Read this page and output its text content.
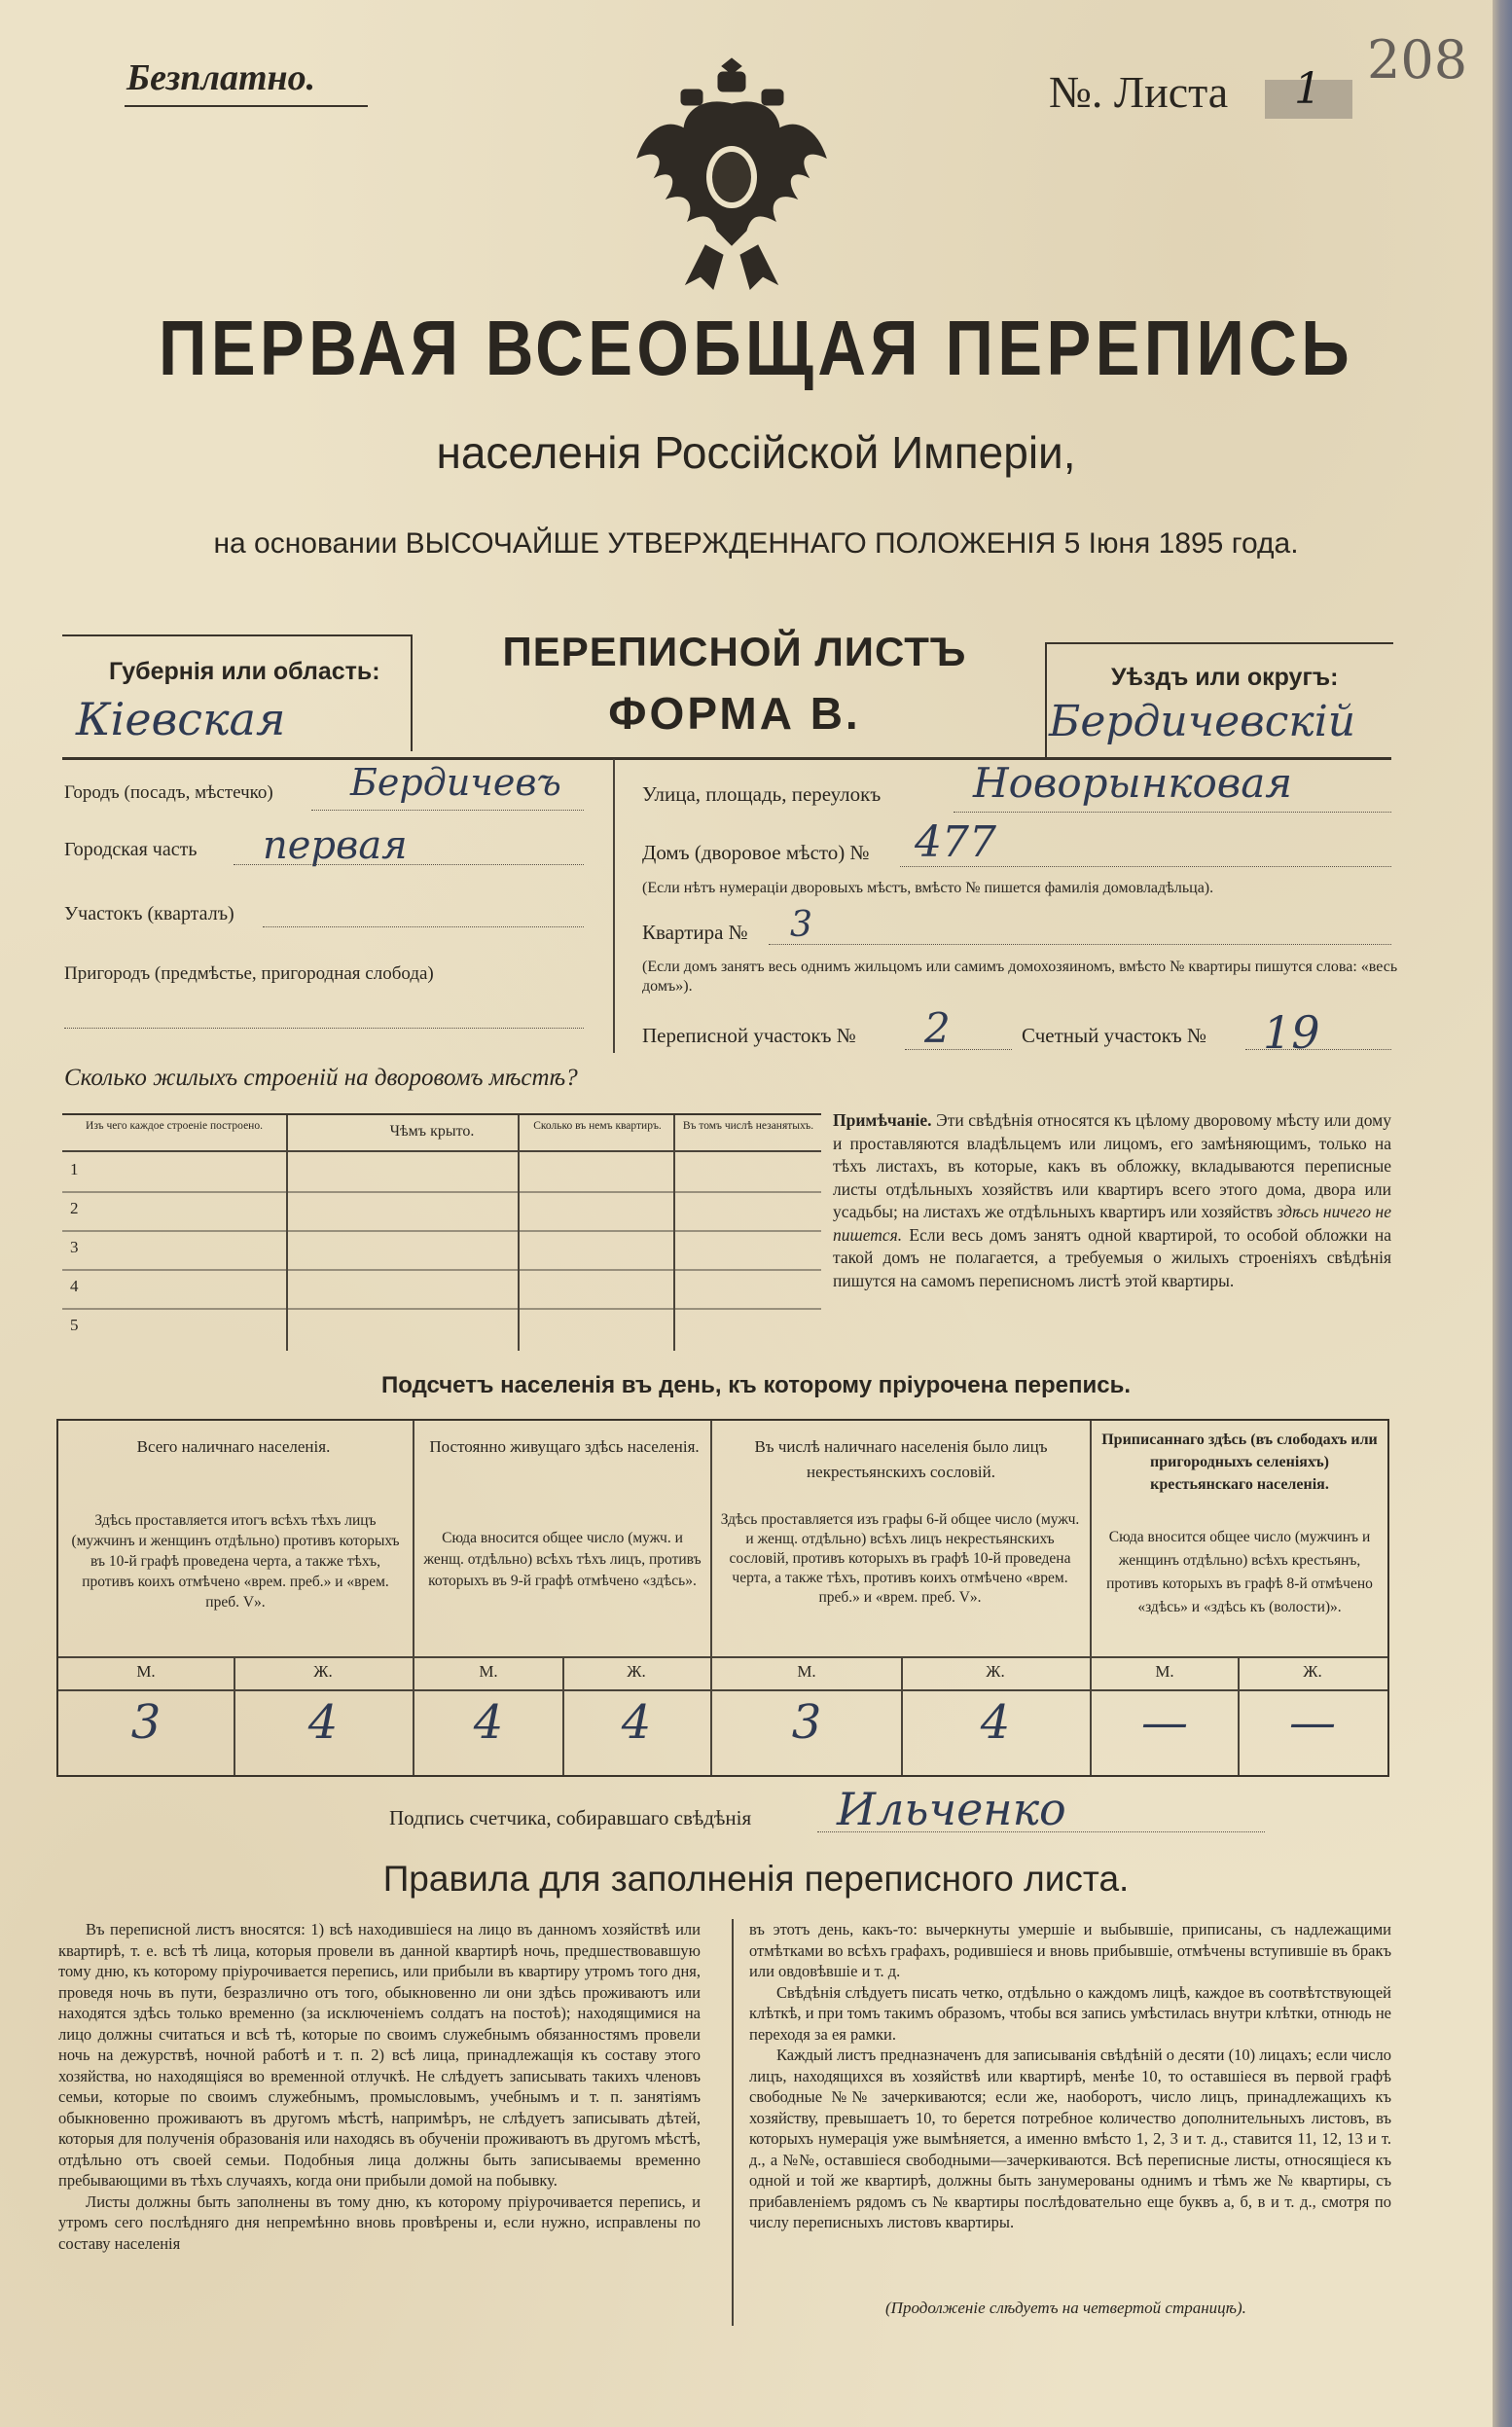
Безплатно.	№. Листа 1 208
ПЕРВАЯ ВСЕОБЩАЯ ПЕРЕПИСЬ
населенія Россійской Имперіи,
на основании ВЫСОЧАЙШЕ УТВЕРЖДЕННАГО ПОЛОЖЕНІЯ 5 Іюня 1895 года.
Губернія или область:
Кіевская
ПЕРЕПИСНОЙ ЛИСТЪ
ФОРМА В.
Уѣздъ или округъ:
Бердичевскій
Городъ (посадъ, мѣстечко) Бердичевъ
Городская часть первая
Участокъ (кварталъ)
Пригородъ (предмѣстье, пригородная слобода)
Улица, площадь, переулокъ Новорынковая
Домъ (дворовое мѣсто) № 477
(Если нѣтъ нумераціи дворовыхъ мѣстъ, вмѣсто № пишется фамилія домовладѣльца).
Квартира № 3
(Если домъ занятъ весь однимъ жильцомъ или самимъ домохозяиномъ, вмѣсто № квартиры пишутся слова: «весь домъ»).
Переписной участокъ № 2	Счетный участокъ № 19
Сколько жилыхъ строеній на дворовомъ мѣстѣ?
Изъ чего каждое строеніе построено.	Чѣмъ крыто.	Сколько въ немъ квартиръ.	Въ томъ числѣ незанятыхъ.
1
2
3
4
5
Примѣчаніе. Эти свѣдѣнія относятся къ цѣлому дворовому мѣсту или дому и проставляются владѣльцемъ или лицомъ, его замѣняющимъ, только на тѣхъ листахъ, въ которые, какъ въ обложку, вкладываются переписные листы отдѣльныхъ хозяйствъ или квартиръ всего этого дома, двора или усадьбы; на листахъ же отдѣльныхъ квартиръ или хозяйствъ здѣсь ничего не пишется. Если весь домъ занятъ одной квартирой, то особой обложки на такой домъ не полагается, а требуемыя о жилыхъ строеніяхъ свѣдѣнія пишутся на самомъ переписномъ листѣ этой квартиры.
Подсчетъ населенія въ день, къ которому пріурочена перепись.
Всего наличнаго населенія.
Здѣсь проставляется итогъ всѣхъ тѣхъ лицъ (мужчинъ и женщинъ отдѣльно) противъ которыхъ въ 10-й графѣ проведена черта, а также тѣхъ, противъ коихъ отмѣчено «врем. преб.» и «врем. преб. V».
М.	Ж.
3	4
Постоянно живущаго здѣсь населенія.
Сюда вносится общее число (мужч. и женщ. отдѣльно) всѣхъ тѣхъ лицъ, противъ которыхъ въ 9-й графѣ отмѣчено «здѣсь».
М.	Ж.
4	4
Въ числѣ наличнаго населенія было лицъ некрестьянскихъ сословій.
Здѣсь проставляется изъ графы 6-й общее число (мужч. и женщ. отдѣльно) всѣхъ лицъ некрестьянскихъ сословій, противъ которыхъ въ графѣ 10-й проведена черта, а также тѣхъ, противъ коихъ отмѣчено «врем. преб.» и «врем. преб. V».
М.	Ж.
3	4
Приписаннаго здѣсь (въ слободахъ или пригородныхъ селеніяхъ) крестьянскаго населенія.
Сюда вносится общее число (мужчинъ и женщинъ отдѣльно) всѣхъ крестьянъ, противъ которыхъ въ графѣ 8-й отмѣчено «здѣсь» и «здѣсь къ (волости)».
М.	Ж.
—	—
Подпись счетчика, собиравшаго свѣдѣнія Ильченко
Правила для заполненія переписного листа.

Въ переписной листъ вносятся: 1) всѣ находившіеся на лицо въ данномъ хозяйствѣ или квартирѣ, т. е. всѣ тѣ лица, которыя провели въ данной квартирѣ ночь, предшествовавшую тому дню, къ которому пріурочивается перепись, или прибыли въ квартиру утромъ того дня, проведя ночь въ пути, безразлично отъ того, обыкновенно ли они здѣсь проживаютъ или находятся здѣсь только временно (за исключеніемъ солдатъ на постоѣ); находящимися на лицо должны считаться и всѣ тѣ, которые по своимъ служебнымъ обязанностямъ провели ночь на дежурствѣ, ночной работѣ и т. п. 2) всѣ лица, принадлежащія къ составу этого хозяйства, но находящіяся во временной отлучкѣ. Не слѣдуетъ записывать такихъ членовъ семьи, которые по своимъ служебнымъ, промысловымъ, учебнымъ и т. п. занятіямъ обыкновенно проживаютъ въ другомъ мѣстѣ, напримѣръ, не слѣдуетъ записывать дѣтей, которыя для полученія образованія или находясь въ обученіи проживаютъ въ другомъ мѣстѣ, отдѣльно отъ своей семьи. Подобныя лица должны быть записываемы временно пребывающими въ тѣхъ случаяхъ, когда они прибыли домой на побывку.

Листы должны быть заполнены въ тому дню, къ которому пріурочивается перепись, и утромъ сего послѣдняго дня непремѣнно вновь провѣрены и, если нужно, исправлены по составу населенія

въ этотъ день, какъ-то: вычеркнуты умершіе и выбывшіе, приписаны, съ надлежащими отмѣтками во всѣхъ графахъ, родившіеся и вновь прибывшіе, отмѣчены вступившіе въ бракъ или овдовѣвшіе и т. д.

Свѣдѣнія слѣдуетъ писать четко, отдѣльно о каждомъ лицѣ, каждое въ соотвѣтствующей клѣткѣ, и при томъ такимъ образомъ, чтобы вся запись умѣстилась внутри клѣтки, отнюдь не переходя за ея рамки.

Каждый листъ предназначенъ для записыванія свѣдѣній о десяти (10) лицахъ; если число лицъ, находящихся въ хозяйствѣ или квартирѣ, менѣе 10, то оставшіеся въ первой графѣ свободные №№ зачеркиваются; если же, наоборотъ, число лицъ, принадлежащихъ къ хозяйству, превышаетъ 10, то берется потребное количество дополнительныхъ листовъ, въ которыхъ нумерація уже вымѣняется, а именно вмѣсто 1, 2, 3 и т. д., ставится 11, 12, 13 и т. д., а №№, оставшіеся свободными—зачеркиваются. Всѣ переписные листы, относящіеся къ одной и той же квартирѣ, должны быть занумерованы однимъ и тѣмъ же № квартиры, съ прибавленіемъ рядомъ съ № квартиры послѣдовательно еще буквъ а, б, в и т. д., смотря по числу переписныхъ листовъ квартиры.

(Продолженіе слѣдуетъ на четвертой страницѣ).
